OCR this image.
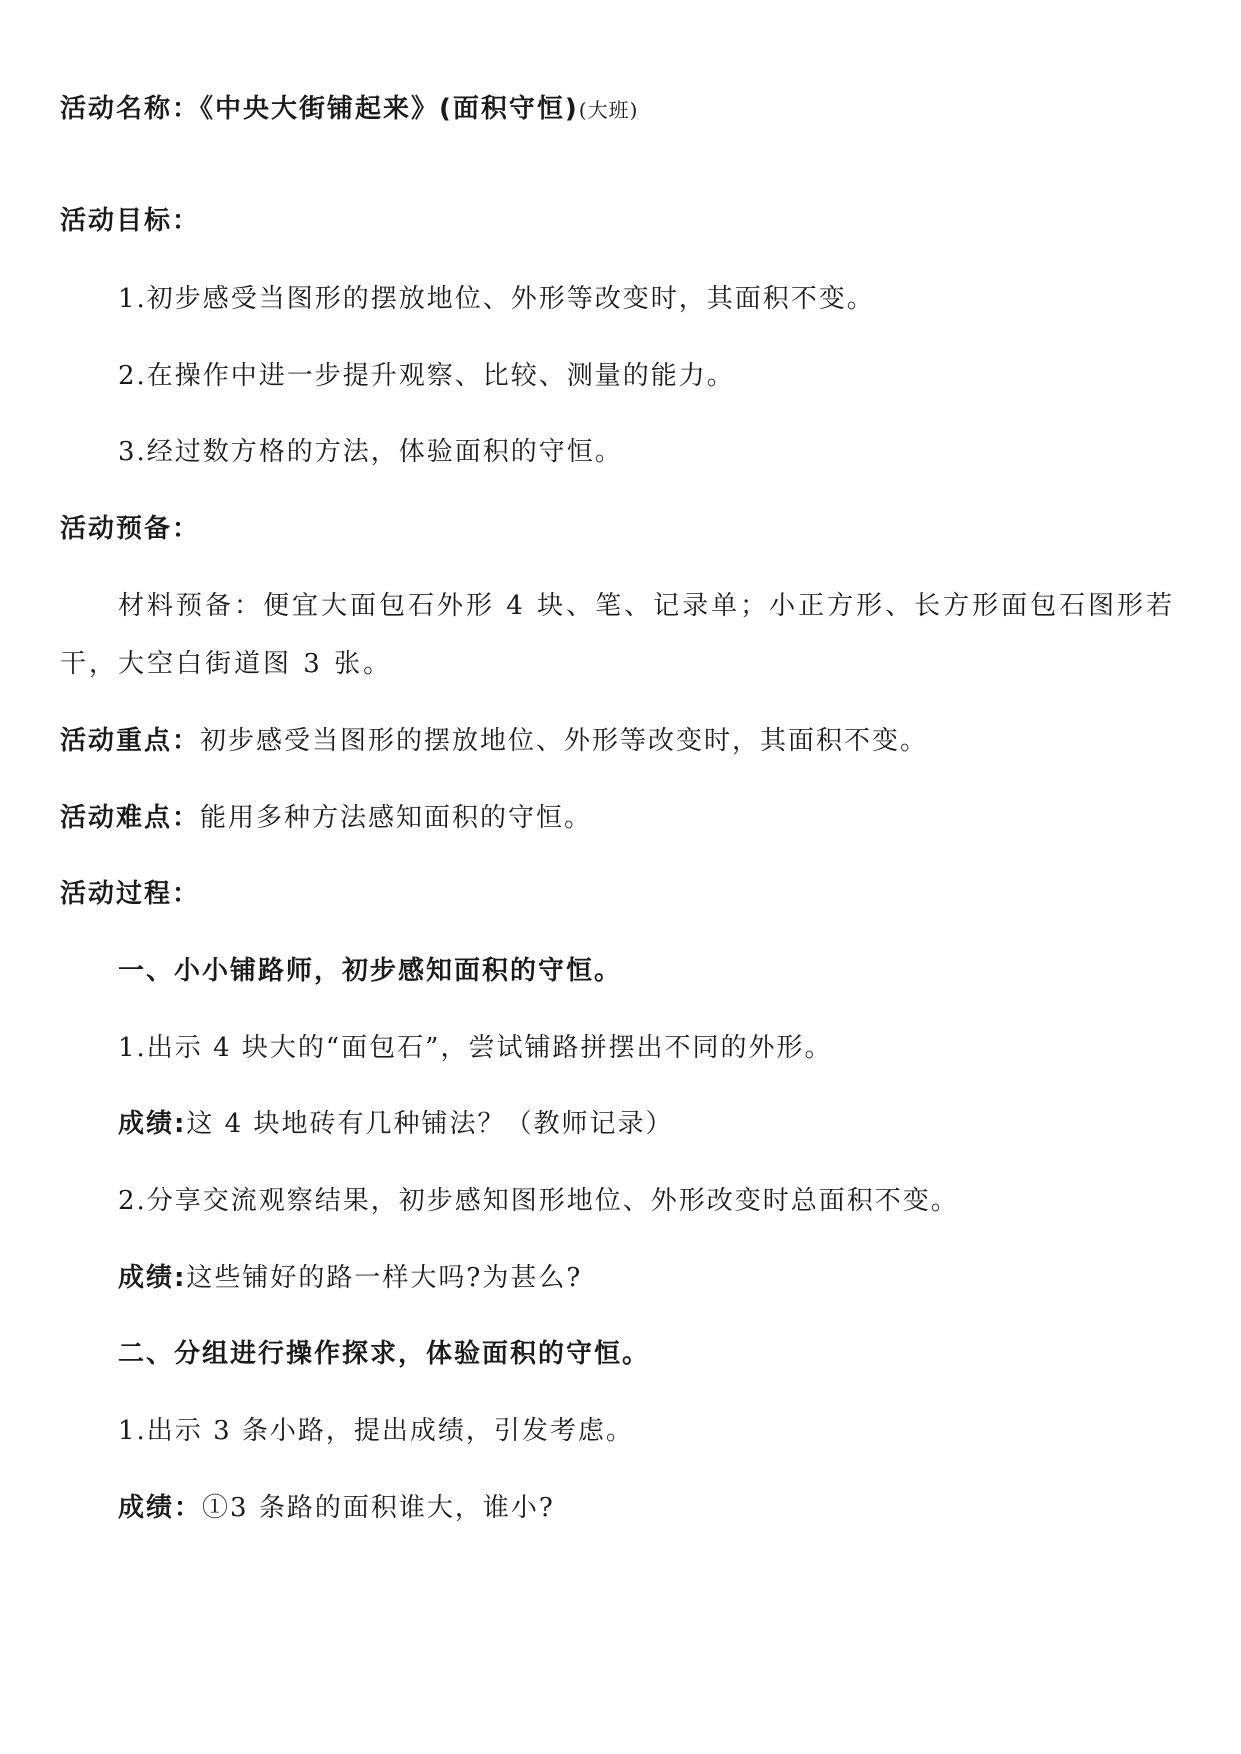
活动名称：《中央大街铺起来》(面积守恒)(大班)
活动目标：
1.初步感受当图形的摆放地位、外形等改变时，其面积不变。
2.在操作中进一步提升观察、比较、测量的能力。
3.经过数方格的方法，体验面积的守恒。
活动预备：
材料预备：便宜大面包石外形 4 块、笔、记录单；小正方形、长方形面包石图形若
干，大空白街道图 3 张。
活动重点：初步感受当图形的摆放地位、外形等改变时，其面积不变。
活动难点：能用多种方法感知面积的守恒。
活动过程：
一、小小铺路师，初步感知面积的守恒。
1.出示 4 块大的“面包石”，尝试铺路拼摆出不同的外形。
成绩:这 4 块地砖有几种铺法？（教师记录）
2.分享交流观察结果，初步感知图形地位、外形改变时总面积不变。
成绩:这些铺好的路一样大吗?为甚么?
二、分组进行操作探求，体验面积的守恒。
1.出示 3 条小路，提出成绩，引发考虑。
成绩：①3 条路的面积谁大，谁小?
